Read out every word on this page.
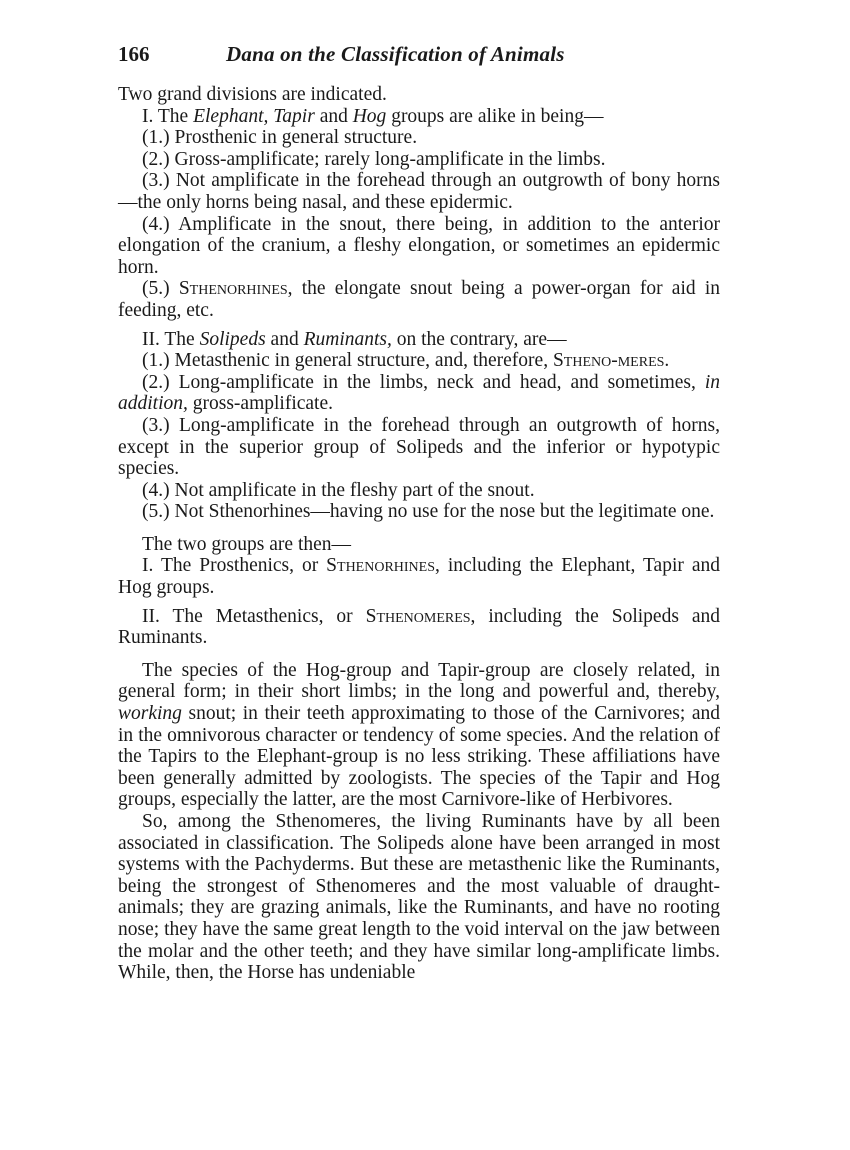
166	Dana on the Classification of Animals

Two grand divisions are indicated.

I. The Elephant, Tapir and Hog groups are alike in being—

(1.) Prosthenic in general structure.

(2.) Gross-amplificate; rarely long-amplificate in the limbs.

(3.) Not amplificate in the forehead through an outgrowth of bony horns—the only horns being nasal, and these epidermic.

(4.) Amplificate in the snout, there being, in addition to the anterior elongation of the cranium, a fleshy elongation, or sometimes an epidermic horn.

(5.) Sthenorhines, the elongate snout being a power-organ for aid in feeding, etc.

II. The Solipeds and Ruminants, on the contrary, are—

(1.) Metasthenic in general structure, and, therefore, Stheno-meres.

(2.) Long-amplificate in the limbs, neck and head, and sometimes, in addition, gross-amplificate.

(3.) Long-amplificate in the forehead through an outgrowth of horns, except in the superior group of Solipeds and the inferior or hypotypic species.

(4.) Not amplificate in the fleshy part of the snout.

(5.) Not Sthenorhines—having no use for the nose but the legitimate one.

The two groups are then—

I. The Prosthenics, or Sthenorhines, including the Elephant, Tapir and Hog groups.

II. The Metasthenics, or Sthenomeres, including the Solipeds and Ruminants.

The species of the Hog-group and Tapir-group are closely related, in general form; in their short limbs; in the long and powerful and, thereby, working snout; in their teeth approximating to those of the Carnivores; and in the omnivorous character or tendency of some species. And the relation of the Tapirs to the Elephant-group is no less striking. These affiliations have been generally admitted by zoologists. The species of the Tapir and Hog groups, especially the latter, are the most Carnivore-like of Herbivores.

So, among the Sthenomeres, the living Ruminants have by all been associated in classification. The Solipeds alone have been arranged in most systems with the Pachyderms. But these are metasthenic like the Ruminants, being the strongest of Sthenomeres and the most valuable of draught-animals; they are grazing animals, like the Ruminants, and have no rooting nose; they have the same great length to the void interval on the jaw between the molar and the other teeth; and they have similar long-amplificate limbs. While, then, the Horse has undeniable
